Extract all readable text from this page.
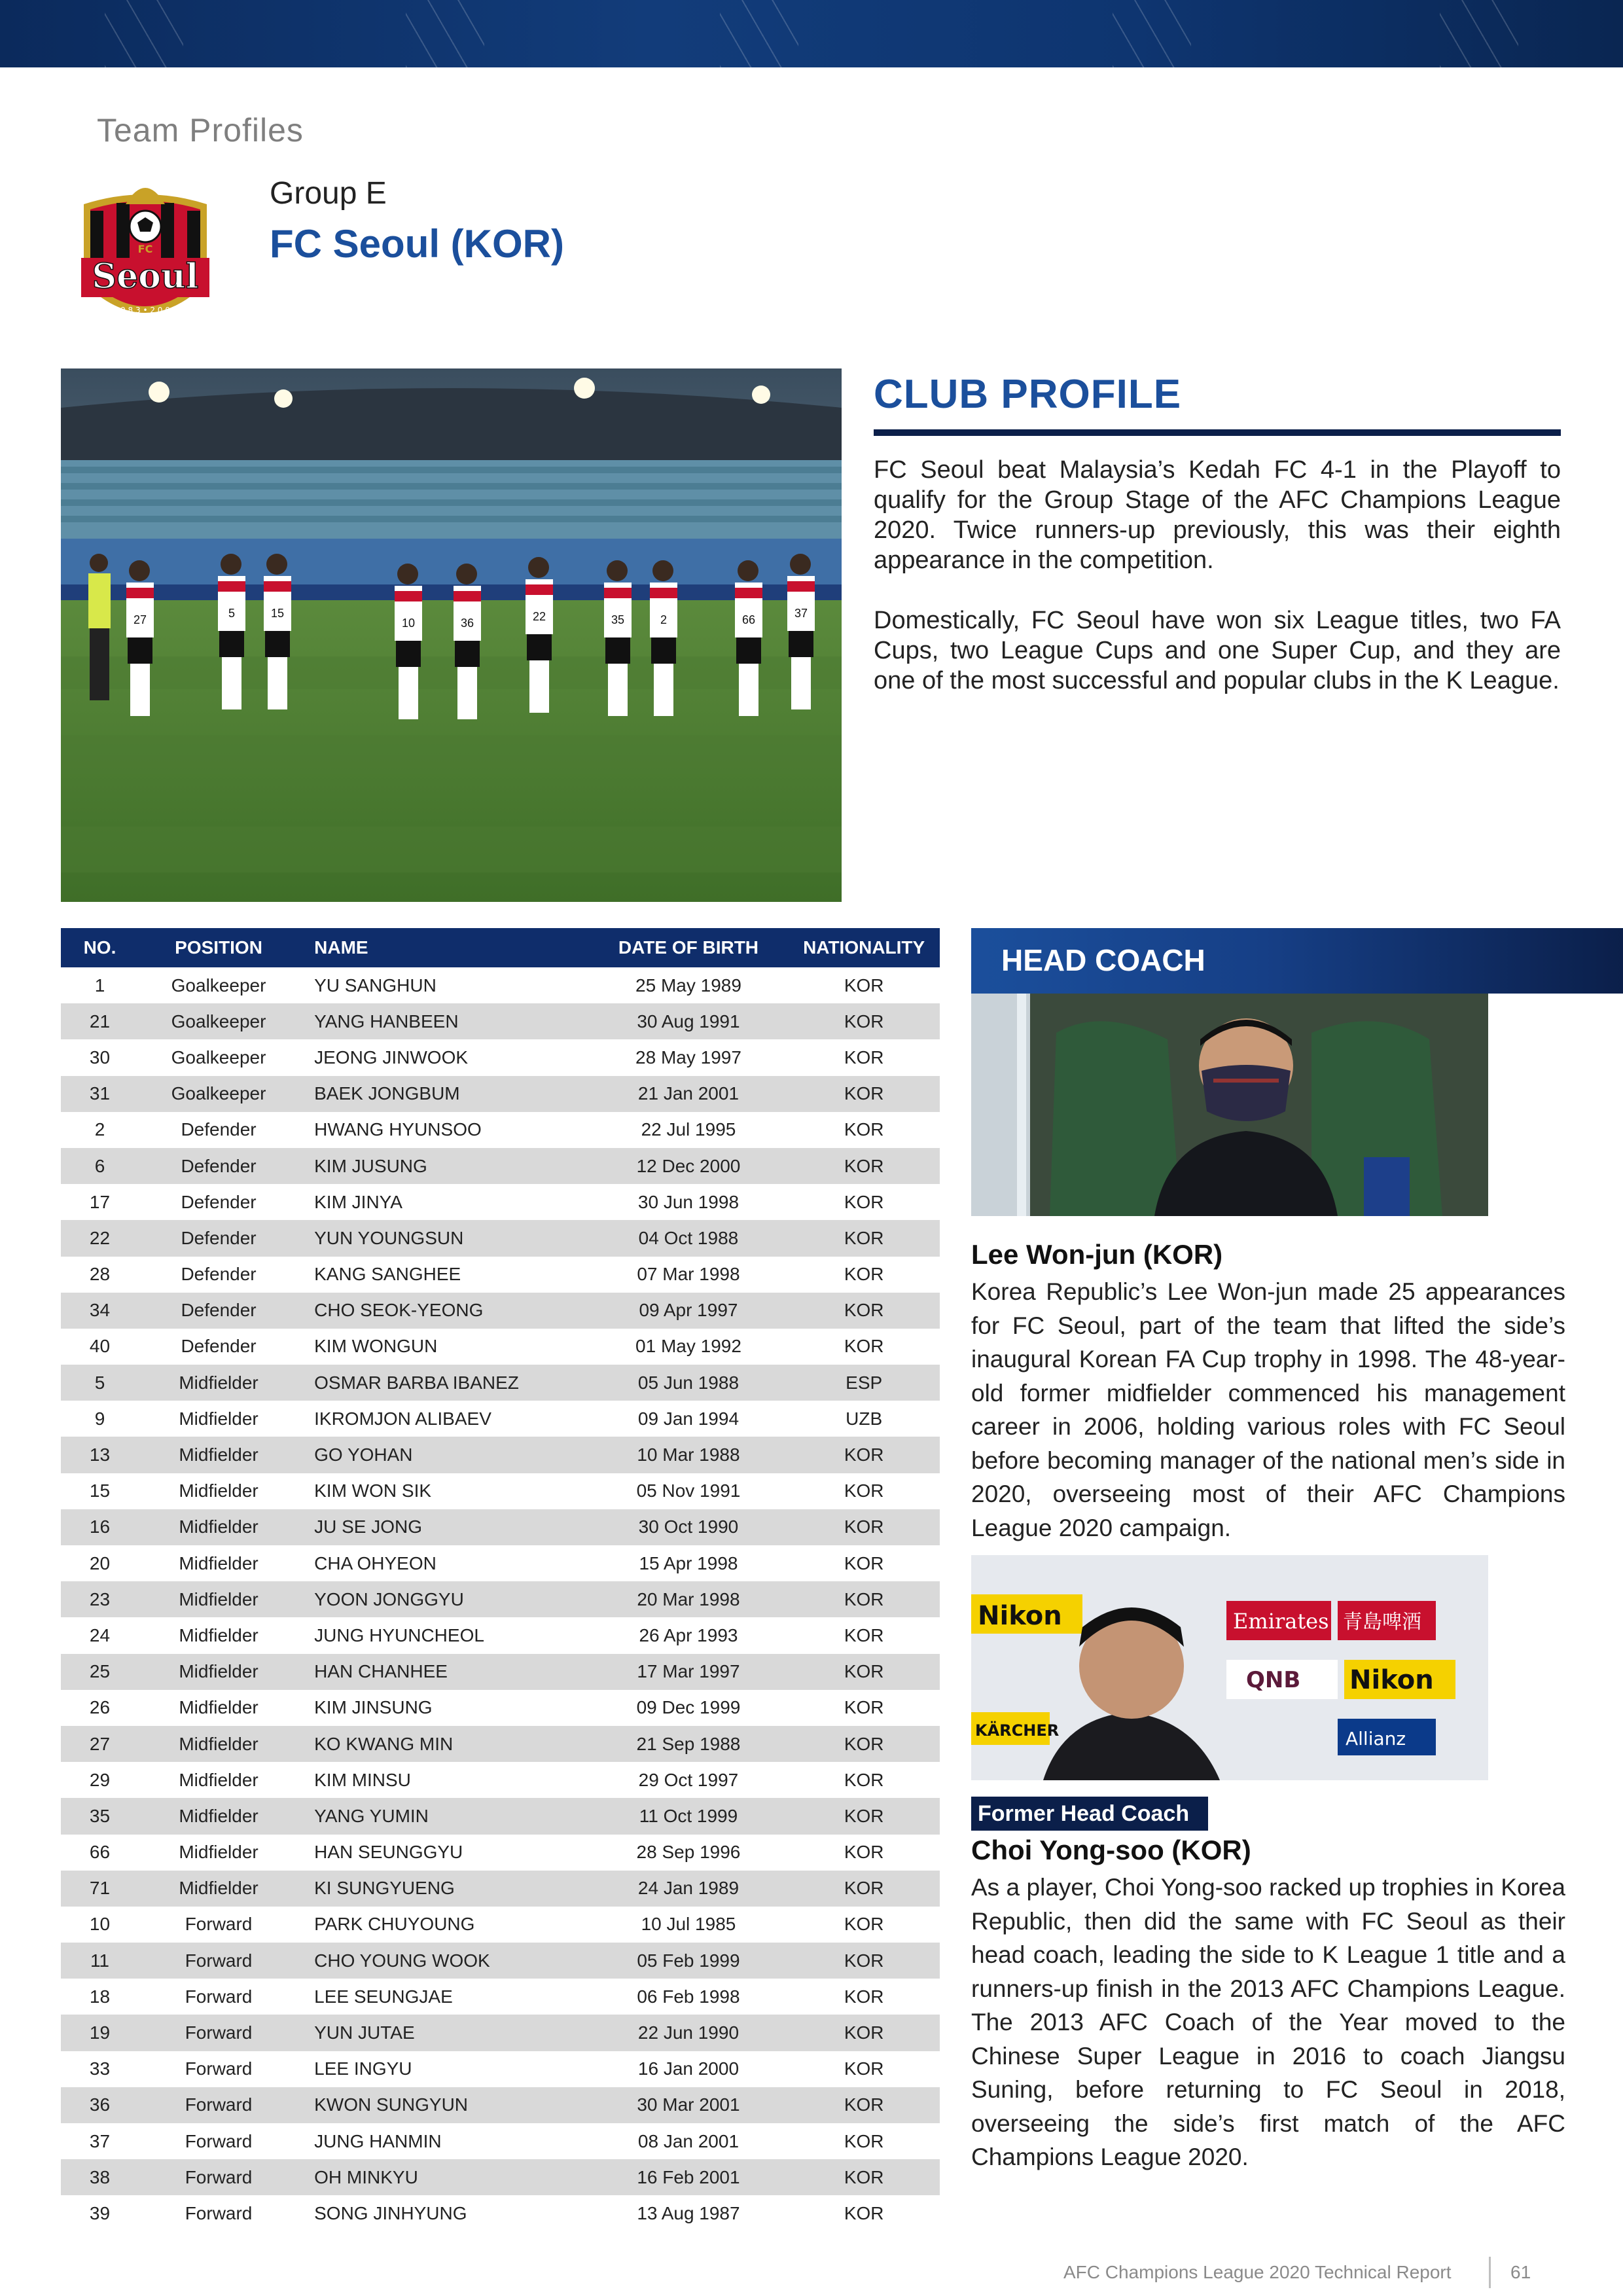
Team Profiles
Seoul
FC
1 9 8 3 • 2 0 0 4
Group E
FC Seoul (KOR)
27	5	15
10	36	22	35	2	66	37
CLUB PROFILE
FC Seoul beat Malaysia’s Kedah FC 4-1 in the Playoff to qualify for the Group Stage of the AFC Champions League 2020. Twice runners-up previously, this was their eighth appearance in the competition.
Domestically, FC Seoul have won six League titles, two FA Cups, two League Cups and one Super Cup, and they are one of the most successful and popular clubs in the K League.
NO.	POSITION	NAME	DATE OF BIRTH	NATIONALITY
1	Goalkeeper	YU SANGHUN	25 May 1989	KOR
21	Goalkeeper	YANG HANBEEN	30 Aug 1991	KOR
30	Goalkeeper	JEONG JINWOOK	28 May 1997	KOR
31	Goalkeeper	BAEK JONGBUM	21 Jan 2001	KOR
2	Defender	HWANG HYUNSOO	22 Jul 1995	KOR
6	Defender	KIM JUSUNG	12 Dec 2000	KOR
17	Defender	KIM JINYA	30 Jun 1998	KOR
22	Defender	YUN YOUNGSUN	04 Oct 1988	KOR
28	Defender	KANG SANGHEE	07 Mar 1998	KOR
34	Defender	CHO SEOK-YEONG	09 Apr 1997	KOR
40	Defender	KIM WONGUN	01 May 1992	KOR
5	Midfielder	OSMAR BARBA IBANEZ	05 Jun 1988	ESP
9	Midfielder	IKROMJON ALIBAEV	09 Jan 1994	UZB
13	Midfielder	GO YOHAN	10 Mar 1988	KOR
15	Midfielder	KIM WON SIK	05 Nov 1991	KOR
16	Midfielder	JU SE JONG	30 Oct 1990	KOR
20	Midfielder	CHA OHYEON	15 Apr 1998	KOR
23	Midfielder	YOON JONGGYU	20 Mar 1998	KOR
24	Midfielder	JUNG HYUNCHEOL	26 Apr 1993	KOR
25	Midfielder	HAN CHANHEE	17 Mar 1997	KOR
26	Midfielder	KIM JINSUNG	09 Dec 1999	KOR
27	Midfielder	KO KWANG MIN	21 Sep 1988	KOR
29	Midfielder	KIM MINSU	29 Oct 1997	KOR
35	Midfielder	YANG YUMIN	11 Oct 1999	KOR
66	Midfielder	HAN SEUNGGYU	28 Sep 1996	KOR
71	Midfielder	KI SUNGYUENG	24 Jan 1989	KOR
10	Forward	PARK CHUYOUNG	10 Jul 1985	KOR
11	Forward	CHO YOUNG WOOK	05 Feb 1999	KOR
18	Forward	LEE SEUNGJAE	06 Feb 1998	KOR
19	Forward	YUN JUTAE	22 Jun 1990	KOR
33	Forward	LEE INGYU	16 Jan 2000	KOR
36	Forward	KWON SUNGYUN	30 Mar 2001	KOR
37	Forward	JUNG HANMIN	08 Jan 2001	KOR
38	Forward	OH MINKYU	16 Feb 2001	KOR
39	Forward	SONG JINHYUNG	13 Aug 1987	KOR
HEAD COACH
Lee Won-jun (KOR)
Korea Republic’s Lee Won-jun made 25 appearances for FC Seoul, part of the team that lifted the side’s inaugural Korean FA Cup trophy in 1998. The 48-year-old former midfielder commenced his management career in 2006, holding various roles with FC Seoul before becoming manager of the national men’s side in 2020, overseeing most of their AFC Champions League 2020 campaign.
Nikon	Emirates 青島啤酒
QNB Nikon
KÄRCHER	Allianz
Former Head Coach
Choi Yong-soo (KOR)
As a player, Choi Yong-soo racked up trophies in Korea Republic, then did the same with FC Seoul as their head coach, leading the side to K League 1 title and a runners-up finish in the 2013 AFC Champions League. The 2013 AFC Coach of the Year moved to the Chinese Super League in 2016 to coach Jiangsu Suning, before returning to FC Seoul in 2018, overseeing the side’s first match of the AFC Champions League 2020.
AFC Champions League 2020 Technical Report	61
